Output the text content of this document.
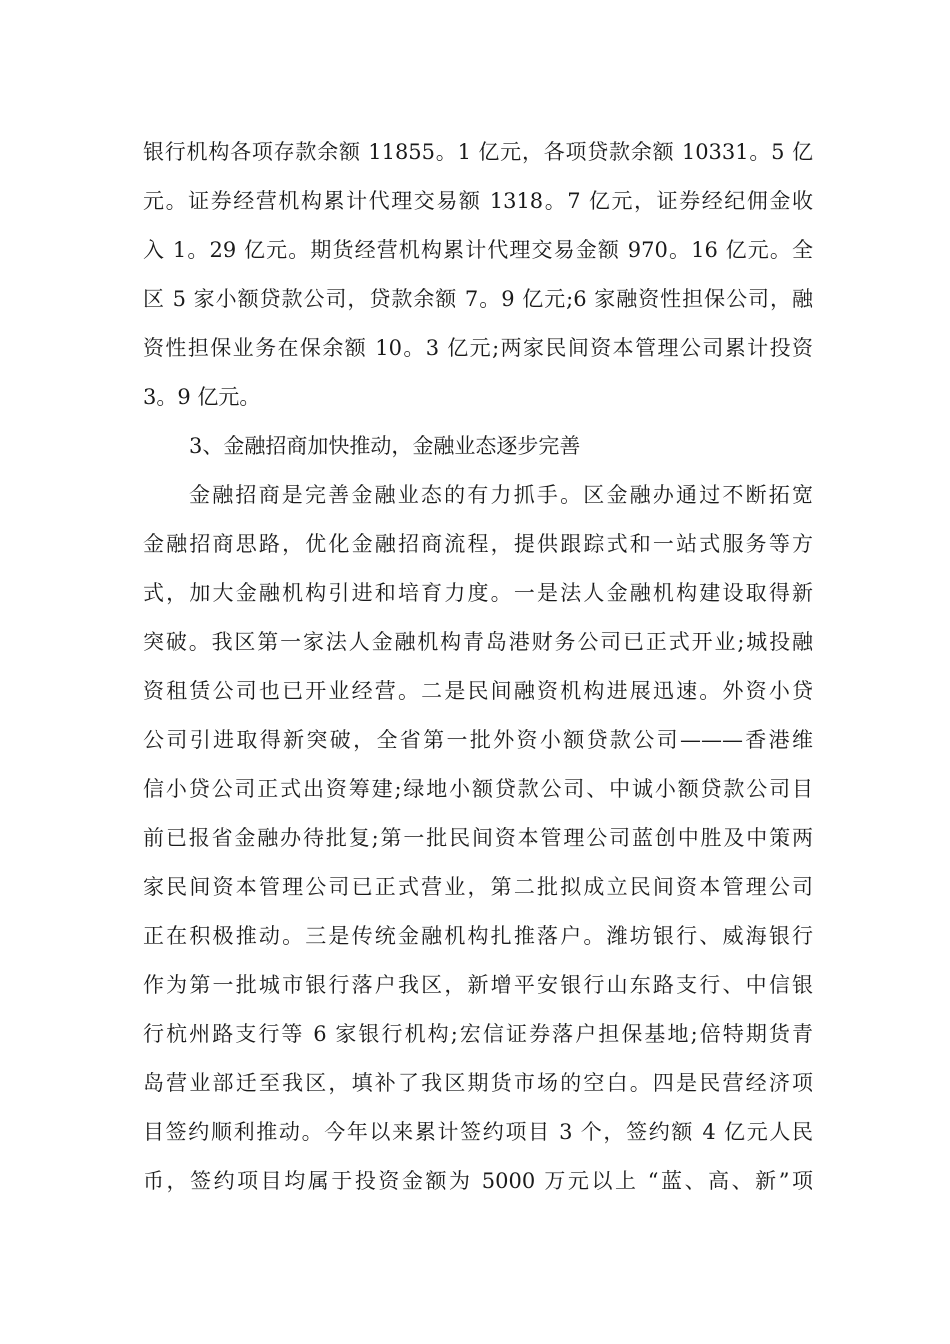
银行机构各项存款余额 11855。1 亿元，各项贷款余额 10331。5 亿
元。证券经营机构累计代理交易额 1318。7 亿元，证券经纪佣金收
入 1。29 亿元。期货经营机构累计代理交易金额 970。16 亿元。全
区 5 家小额贷款公司，贷款余额 7。9 亿元;6 家融资性担保公司，融
资性担保业务在保余额 10。3 亿元;两家民间资本管理公司累计投资
3。9 亿元。
3、金融招商加快推动，金融业态逐步完善
金融招商是完善金融业态的有力抓手。区金融办通过不断拓宽
金融招商思路，优化金融招商流程，提供跟踪式和一站式服务等方
式，加大金融机构引进和培育力度。一是法人金融机构建设取得新
突破。我区第一家法人金融机构青岛港财务公司已正式开业;城投融
资租赁公司也已开业经营。二是民间融资机构进展迅速。外资小贷
公司引进取得新突破，全省第一批外资小额贷款公司———香港维
信小贷公司正式出资筹建;绿地小额贷款公司、中诚小额贷款公司目
前已报省金融办待批复;第一批民间资本管理公司蓝创中胜及中策两
家民间资本管理公司已正式营业，第二批拟成立民间资本管理公司
正在积极推动。三是传统金融机构扎推落户。潍坊银行、威海银行
作为第一批城市银行落户我区，新增平安银行山东路支行、中信银
行杭州路支行等 6 家银行机构;宏信证券落户担保基地;倍特期货青
岛营业部迁至我区，填补了我区期货市场的空白。四是民营经济项
目签约顺利推动。今年以来累计签约项目 3 个，签约额 4 亿元人民
币，签约项目均属于投资金额为 5000 万元以上 “蓝、高、新”项
